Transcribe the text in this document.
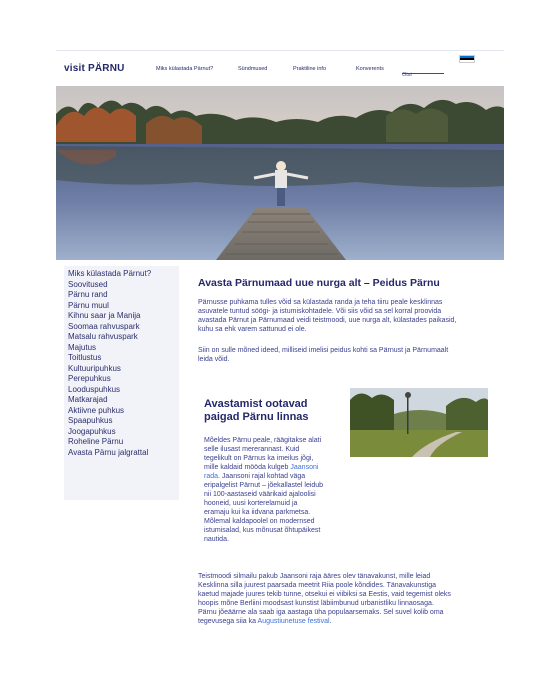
visit PÄRNU	Miks külastada Pärnut?	Sündmused	Praktiline info	Konverents
Otsi
Miks külastada Pärnut?
Soovitused
Pärnu rand
Pärnu muul
Kihnu saar ja Manija
Soomaa rahvuspark
Matsalu rahvuspark
Majutus
Toitlustus
Kultuuripuhkus
Perepuhkus
Looduspuhkus
Matkarajad
Aktiivne puhkus
Spaapuhkus
Joogapuhkus
Roheline Pärnu
Avasta Pärnu jalgrattal
Avasta Pärnumaad uue nurga alt – Peidus Pärnu
Pärnusse puhkama tulles võid sa külastada randa ja teha tiiru peale kesklinnas
asuvatele tuntud söögi- ja istumiskohtadele. Või siis võid sa sel korral proovida
avastada Pärnut ja Pärnumaad veidi teistmoodi, uue nurga alt, külastades paikasid,
kuhu sa ehk varem sattunud ei ole.
Siin on sulle mõned ideed, milliseid imelisi peidus kohti sa Pärnust ja Pärnumaalt
leida võid.
Avastamist ootavad
paigad Pärnu linnas
Mõeldes Pärnu peale, räägitakse alati
selle ilusast mererannast. Kuid
tegelikult on Pärnus ka imeilus jõgi,
mille kaldaid mööda kulgeb Jaansoni
rada. Jaansoni rajal kohtad väga
eripalgelist Pärnut – jõekallastel leidub
nii 100-aastaseid väärikaid ajaloolisi
hooneid, uusi korterelamuid ja
eramaju kui ka iidvana parkmetsa.
Mõlemal kaldapoolel on modernsed
istumisalad, kus mõnusat õhtupäikest
nautida.
Teistmoodi silmailu pakub Jaansoni raja ääres olev tänavakunst, mille leiad
Kesklinna silla juurest paarsada meetrit Riia poole kõndides. Tänavakunstiga
kaetud majade juures tekib tunne, otsekui ei viibiksi sa Eestis, vaid tegemist oleks
hoopis mõne Berliini moodsast kunstist läbiimbunud urbanistliku linnaosaga.
Pärnu jõeäärne ala saab iga aastaga üha populaarsemaks. Sel suvel kolib oma
tegevusega siia ka Augustiunetuse festival.
